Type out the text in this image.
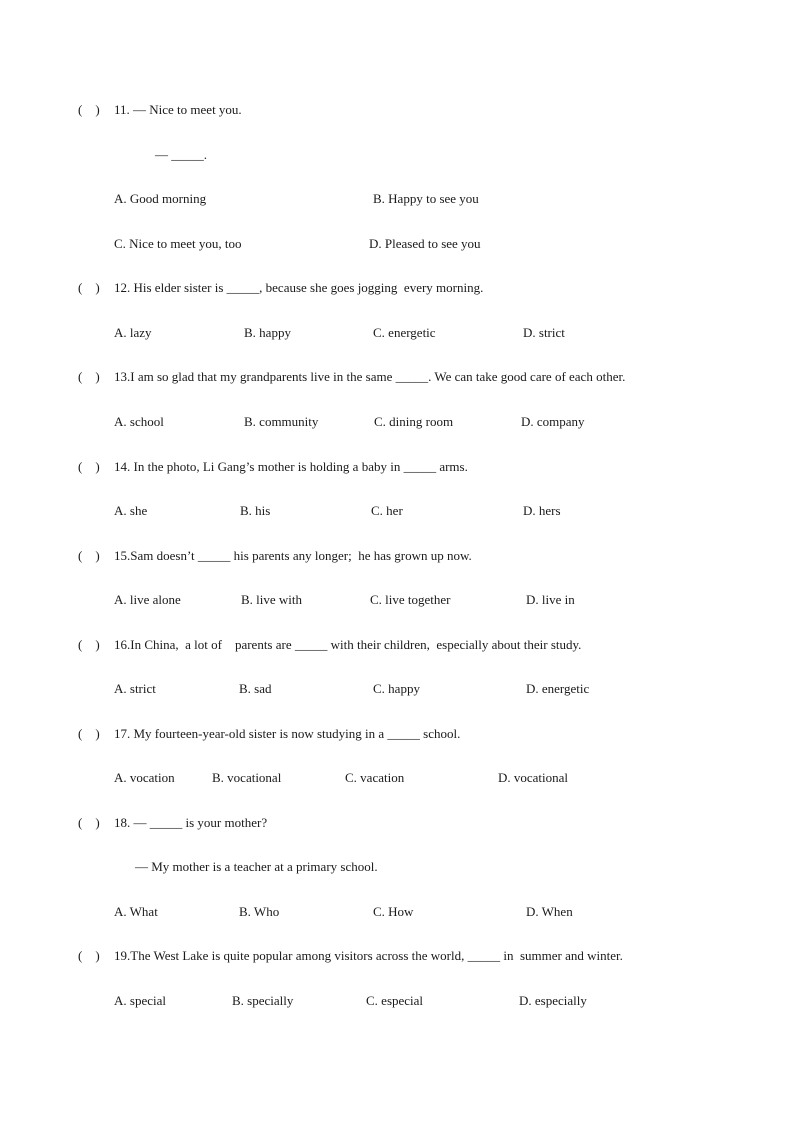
(    ) 11. — Nice to meet you.
— _____.
A. Good morning	B. Happy to see you
C. Nice to meet you, too	D. Pleased to see you
(    ) 12. His elder sister is _____, because she goes jogging  every morning.
A. lazy	B. happy	C. energetic	D. strict
(    ) 13.I am so glad that my grandparents live in the same _____. We can take good care of each other.
A. school	B. community	C. dining room	D. company
(    ) 14. In the photo, Li Gang’s mother is holding a baby in _____ arms.
A. she	B. his	C. her	D. hers
(    ) 15.Sam doesn’t _____ his parents any longer;  he has grown up now.
A. live alone	B. live with	C. live together	D. live in
(    ) 16.In China,  a lot of    parents are _____ with their children,  especially about their study.
A. strict	B. sad	C. happy	D. energetic
(    ) 17. My fourteen-year-old sister is now studying in a _____ school.
A. vocation	B. vocational	C. vacation	D. vocational
(    ) 18. — _____ is your mother?
— My mother is a teacher at a primary school.
A. What	B. Who	C. How	D. When
(    ) 19.The West Lake is quite popular among visitors across the world, _____ in  summer and winter.
A. special	B. specially	C. especial	D. especially
